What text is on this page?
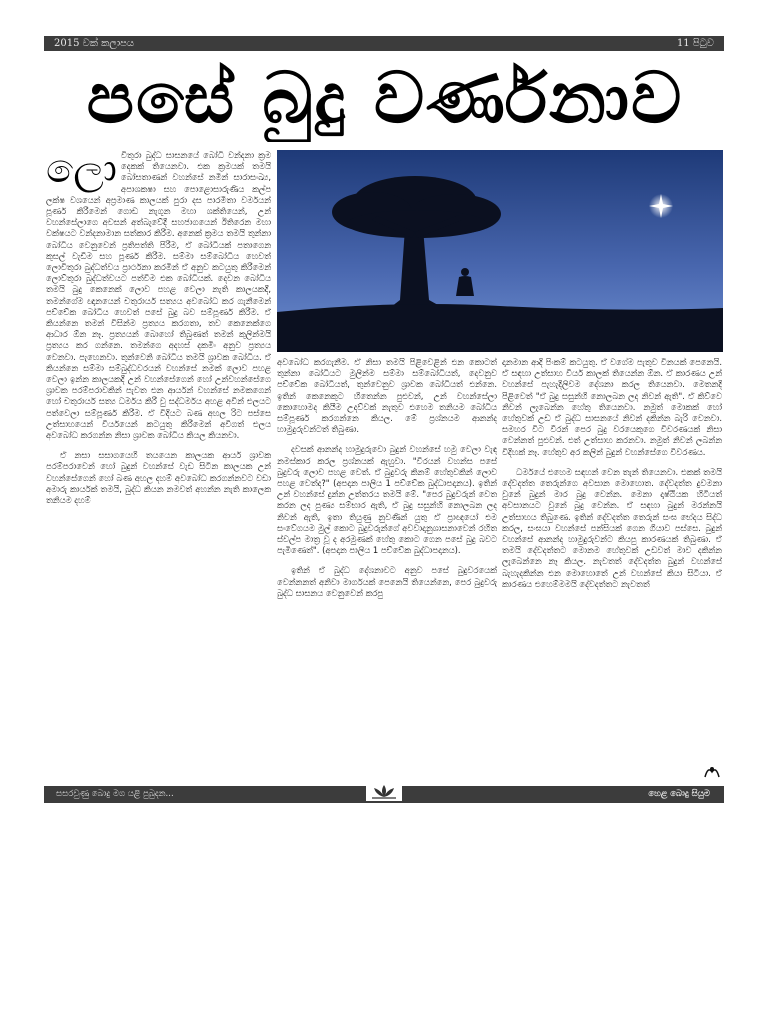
2015 වක් කලාපය	11 පිටුව
පසේ බුදු වර්ණනාව

ලොවිතුරා බුද්ධ සාසනයේ බෝධි වන්දනා ක්‍රම දෙකක් තියෙනවා. එක ක්‍රමයක් තමයි බෝසතාණන් වහන්සේ නමින් සාරාසංඛ්‍ය, අපාශකෂා සහ පොළොසාරුණිය කල්ප ලක්ෂ වශයෙන් අප්‍රමාණ කාලයක් පුරා දස පාරමිතා වර්මයන් පූර්ණ කිරීමෙන් ගොඩ නැගුන මහා ශක්තියෙන්, උන් වහන්සේලාගෙ අවසන් අත්බැවේදී සහජාගයෙන් ඊතිරෙන මහා වක්ෂයට වන්දනාමාන සත්කාර කිරීම. අනෙක් ක්‍රමය තමයි තුන්නා බෝධිය වෙනුවෙන් ප්‍රතිපත්ති පිරීම, ඒ බෝධියක් පතාගෙන කුසල් වැඩීම සහ පූර්ණ කිරීම. සම්මා සම්බෝධිය හෙවත් ලොවිතුරා බුද්ධත්වය ප්‍රාර්ථනා කරමින් ඒ අනුව කටයුතු කිරීමෙන් ලොව්තුරා බුද්ධත්වයට පත්වීම එක බෝධියක්. දෙවන බෝධිය තමයි බුදු කෙනෙක් ලොව පහළ වෙලා නැති කාලයකදී, තමන්ගේම ඥානයෙන් චතුරාර්ය සත්‍යය අවබෝධ කර ගැනීමෙන් පච්චේක බෝධිය හෙවත් පසේ බුදු බව සම්පූර්ණ කිරීම. ඒ කියන්නෙ තමන් විසින්ම ප්‍රත්‍යය කරගතා, තව කෙනෙක්ගෙ ආධාර ඕන නෑ. ප්‍රත්‍යයන් බොහෝ තිබුණත් තමන් කුලින්මයි ප්‍රත්‍යය කර ගන්නෙ. තමන්ගෙ අදහස් දකමිං අනුව ප්‍රත්‍යය වෙනවා. පැහෙනවා. තුන්වෙනි බෝධිය තමයි ශ්‍රාවක බෝධිය. ඒ කියන්නෙ සම්මා සම්බුද්ධවරයන් වහන්සේ නමක් ලොව පහළ වෙලා ඉන්න කාලයකදී උන් වහන්සේගෙන් හෝ උන්වහන්සේගෙ ශ්‍රාවක පරම්පරාවකින් පැවත එන ආර්යන් වහන්සේ නමකගෙන් හෝ චතුරාර්ය සත්‍ය ධර්මය කිරී වු සද්ධර්මය අහළ අවින් එලයට පත්වෙලා සම්පූර්ණ කිරීම. ඒ විදියට බණ අහල රිට පස්සෙ උත්සාහයෙන් වීර්යයෙන් කටයුතු කිරීමෙන් අවිගත් එලය අවබෝධ කරගන්න නිසා ශ්‍රාවක බෝධිය කියල කියනවා.

ඒ නසා සසාගයෙහි තයයෙන කාලයක ආර්ය ශ්‍රාවක පරම්පරාවෙන් හෝ බුදුන් වහන්සේ වැඩ සිටින කාලයක උන් වහන්සේගෙන් හෝ බණ අහල දහම් අවබෝධ කරගන්නවට වඩා අමාරු කාර්යක් තමයි, බුද්ධ කියන නමවත් අහන්න නැති කාලෙක තනියම දහම්

අවබෝධ කරගැනීම. ඒ නිසා තමයි පිළිවෙළින් එන කොටත් තුන්නා බෝධියට මුලින්ම සම්මා සම්බෝධියත්, දෙවනුව පච්චේක බෝධියත්, තුන්වෙනුව ශ්‍රාවක බෝධියත් එන්නෙ. ඉතින් කෙනෙකුට හිතෙන්න පුළුවන්, උන් වහන්සේලා කොහොමද කියීම උදව්වක් නැතුව එහෙම තනියම බෝධිය සම්පූර්ණ කරගන්නෙ කියල. මේ ප්‍රශ්නයම ආනන්ද හාමුදුරුවන්ටත් තිබුණා.

දවසක් ආනන්ද හාමුදුරුවො බුදුන් වහන්සේ හමු වෙලා වැඳ නමස්කාර කරල ප්‍රශ්නයක් ඇහුවා. "වීරයන් වහන්ස පසේ බුදුවරු ලොව පහළ වෙත්. ඒ බුදුවරු කිනම් හේතුවකින් ලොව පහළ වෙත්ද?" (අපදාන පාලිය 1 පච්චේක බුද්ධාපදානය). ඉතින් උන් වහන්සේ දුන්න උත්තරය තමයි මේ. "පෙර බුදුවරුන් වෙත කරන ලද පුණ්‍ය සම්භාර ඇති, ඒ බුදු සසුන්හි නොලබන ලද නිවන් ඇති, ඉතා තියුණු නුවණින් යුතු ඒ ප්‍රාඥයෝ එම සංවේගයම මුල් කොට බුදුවරුන්ගේ අවවාදානුශාසනාවෙන් රහිත ස්වල්ප මාත්‍ර වූ ද අරමුණක් හේතු කොට ගෙන පසේ බුදු බවට පැමිණෙත්". (අපදාන පාලිය 1 පච්චේක බුද්ධාපදානය).

ඉතින් ඒ බුද්ධ දේශනාවට අනුව පසේ බුදුවරයෙක් වෙන්නනත් අනිවා මාර්ගයක් පෙනෙයි තියෙන්නෙ, පෙර බුදුවරු බුද්ධ සාසනය වෙනුවෙන් කරපු

දානමාන ආදි පිංකම් කටයුතු. ඒ වගේම පැතුව විනයක් පෙනෙයි. ඒ සඳහා උත්සාහ වීර්ය කාලක් තියෙන්න ඕන. ඒ කාරණය උන් වහන්සේ පැහැදිලිවම දේශනා කරල තියෙනවා. මෙතනදි පිළිවෙත් "ඒ බුදු සසුන්හි නොලබන ලද නිවන් ඇති". ඒ කිව්වෙ නිවන් ලැබෙන්න හේතු තියෙනවා. නමුත් මොකක් හෝ හේතුවක් උඩ ඒ බුද්ධ සාසනයේ නිවන් දකින්න බැරි වෙනවා. සමහර විට වීරන් පෙර බුදු වරයෙකුගෙ විවරණයක් නිසා වෙන්නත් පුළුවන්. එත් උත්සාහ කරනවා. නමුත් නිවන් ලබන්න විදිහක් නෑ. හේතුව අර කලින් බුදුන් වහන්සේගෙ විවරණය.

ධර්මයේ එහෙම සඳහන් වෙන තැන් තියෙනවා. එකක් තමයි දේවදත්ත තෙරුන්ගෙ අවසාන මොහොත. දේවදත්ත දුවමනා වුනේ බුදුන් මාර බුදු වෙන්න. මෙනා දෘෂ්ඨියක හිටියත් අවසානයට වුනේ බුදු වෙන්න. ඒ සඳහා බුදුන් මරන්නයි උත්සාහය තිබුණෙ. ඉතින් දේවදත්ත තෙරුන් සංඝ භේදය සිද්ධ කරල, සංඝයා වහන්සේ පන්සියක් ගෙන ගියාව පස්සෙ. බුදුන් වහන්සේ ආනන්ද හාමුදුරුවන්ට කියපු කාරණයක් තිබුණා. ඒ තමයි දේවදත්තට මොනම හේතුවක් උඩවත් මාව දකින්න ලැබෙන්නෙ නෑ කියල. නැවතත් දේවදත්ත බුදුන් වහන්සේ බැහැදකින්න එන මොහොතේ උන් වහන්සේ කියා සිටියා. ඒ කාරණය එහෙම්මමයි දේවදත්තට නැවතත්

සසරවුණු බොදු මග යළි පුබුදන...	හෙළ බොදු සියුම
